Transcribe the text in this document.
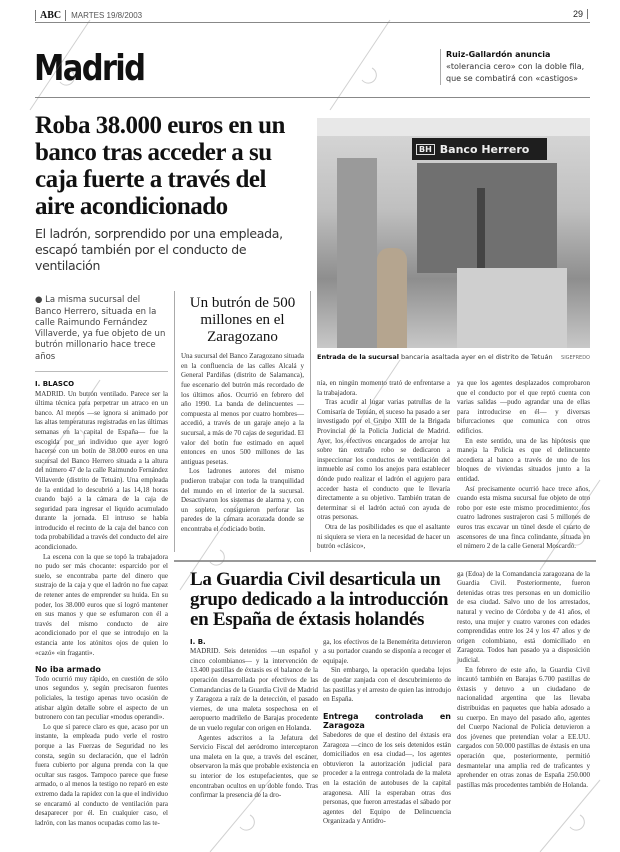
ABC	MARTES 19/8/2003	29
Madrid	Ruiz-Gallardón anuncia «tolerancia cero» con la doble fila, que se combatirá con «castigos»
Roba 38.000 euros en un banco tras acceder a su caja fuerte a través del aire acondicionado
El ladrón, sorprendido por una empleada, escapó también por el conducto de ventilación
● La misma sucursal del Banco Herrero, situada en la calle Raimundo Fernández Villaverde, ya fue objeto de un butrón millonario hace trece años
I. BLASCO

MADRID. Un butrón ventilado. Parece ser la última técnica para perpetrar un atraco en un banco. Al menos —se ignora si animado por las altas temperaturas registradas en las últimas semanas en la capital de España— fue la escogida por un individuo que ayer logró hacerse con un botín de 38.000 euros en una sucursal del Banco Herrero situada a la altura del número 47 de la calle Raimundo Fernández Villaverde (distrito de Tetuán). Una empleada de la entidad lo descubrió a las 14,18 horas cuando bajó a la cámara de la caja de seguridad para ingresar el líquido acumulado durante la jornada. El intruso se había introducido el recinto de la caja del banco con toda probabilidad a través del conducto del aire acondicionado.

La escena con la que se topó la trabajadora no pudo ser más chocante: esparcido por el suelo, se encontraba parte del dinero que sustrajo de la caja y que el ladrón no fue capaz de retener antes de emprender su huida. En su poder, los 38.000 euros que sí logró mantener en sus manos y que se esfumaron con él a través del mismo conducto de aire acondicionado por el que se introdujo en la estancia ante los atónitos ojos de quien lo «cazó» «in fraganti».

No iba armado

Todo ocurrió muy rápido, en cuestión de sólo unos segundos y, según precisaron fuentes policiales, la testigo apenas tuvo ocasión de atisbar algún detalle sobre el aspecto de un butronero con tan peculiar «modus operandi».

Lo que sí parece claro es que, acaso por un instante, la empleada pudo verle el rostro porque a las Fuerzas de Seguridad no les consta, según su declaración, que el ladrón fuera cubierto por alguna prenda con la que ocultar sus rasgos. Tampoco parece que fuese armado, o al menos la testigo no reparó en este extremo dada la rapidez con la que el individuo se encaramó al conducto de ventilación para desaparecer por él. En cualquier caso, el ladrón, con las manos ocupadas como las te-

Un butrón de 500 millones en el Zaragozano

Una sucursal del Banco Zaragozano situada en la confluencia de las calles Alcalá y General Pardiñas (distrito de Salamanca), fue escenario del butrón más recordado de los últimos años. Ocurrió en febrero del año 1990. La banda de delincuentes —compuesta al menos por cuatro hombres— accedió, a través de un garaje anejo a la sucursal, a más de 70 cajas de seguridad. El valor del botín fue estimado en aquel entonces en unos 500 millones de las antiguas pesetas.

Los ladrones autores del mismo pudieron trabajar con toda la tranquilidad del mundo en el interior de la sucursal. Desactivaron los sistemas de alarma y, con un soplete, consiguieron perforar las paredes de la cámara acorazada donde se encontraba el codiciado botín.

BH Banco Herrero
Entrada de la sucursal bancaria asaltada ayer en el distrito de Tetuán SIGEFREDO

nía, en ningún momento trató de enfrentarse a la trabajadora.

Tras acudir al lugar varias patrullas de la Comisaría de Tetuán, el suceso ha pasado a ser investigado por el Grupo XIII de la Brigada Provincial de la Policía Judicial de Madrid. Ayer, los efectivos encargados de arrojar luz sobre tan extraño robo se dedicaron a inspeccionar los conductos de ventilación del inmueble así como los anejos para establecer dónde pudo realizar el ladrón el agujero para acceder hasta el conducto que le llevaría directamente a su objetivo. También tratan de determinar si el ladrón actuó con ayuda de otras personas.

Otra de las posibilidades es que el asaltante ni siquiera se viera en la necesidad de hacer un butrón «clásico»,

ya que los agentes desplazados comprobaron que el conducto por el que reptó cuenta con varias salidas —pudo agrandar una de ellas para introducirse en él— y diversas bifurcaciones que comunica con otros edificios.

En este sentido, una de las hipótesis que maneja la Policía es que el delincuente accediera al banco a través de uno de los bloques de viviendas situados junto a la entidad.

Así precisamente ocurrió hace trece años, cuando esta misma sucursal fue objeto de otro robo por este este mismo procedimiento: los cuatro ladrones sustrajeron casi 5 millones de euros tras excavar un túnel desde el cuarto de ascensores de una finca colindante, situada en el número 2 de la calle General Moscardó.

La Guardia Civil desarticula un grupo dedicado a la introducción en España de éxtasis holandés
I. B.

MADRID. Seis detenidos —un español y cinco colombianos— y la intervención de 13.400 pastillas de éxtasis es el balance de la operación desarrollada por efectivos de las Comandancias de la Guardia Civil de Madrid y Zaragoza a raíz de la detección, el pasado viernes, de una maleta sospechosa en el aeropuerto madrileño de Barajas procedente de un vuelo regular con origen en Holanda.

Agentes adscritos a la Jefatura del Servicio Fiscal del aeródromo interceptaron una maleta en la que, a través del escáner, observaron la más que probable existencia en su interior de los estupefacientes, que se encontraban ocultos en un doble fondo. Tras confirmar la presencia de la dro-

ga, los efectivos de la Benemérita detuvieron a su portador cuando se disponía a recoger el equipaje.

Sin embargo, la operación quedaba lejos de quedar zanjada con el descubrimiento de las pastillas y el arresto de quien las introdujo en España.

Entrega controlada en Zaragoza

Sabedores de que el destino del éxtasis era Zaragoza —cinco de los seis detenidos están domiciliados en esa ciudad—, los agentes obtuvieron la autorización judicial para proceder a la entrega controlada de la maleta en la estación de autobuses de la capital aragonesa. Allí la esperaban otras dos personas, que fueron arrestadas el sábado por agentes del Equipo de Delincuencia Organizada y Antidro-

ga (Edoa) de la Comandancia zaragozana de la Guardia Civil. Posteriormente, fueron detenidas otras tres personas en un domicilio de esa ciudad. Salvo uno de los arrestados, natural y vecino de Córdoba y de 41 años, el resto, una mujer y cuatro varones con edades comprendidas entre los 24 y los 47 años y de origen colombiano, está domiciliado en Zaragoza. Todos han pasado ya a disposición judicial.

En febrero de este año, la Guardia Civil incautó también en Barajas 6.700 pastillas de éxtasis y detuvo a un ciudadano de nacionalidad argentina que las llevaba distribuidas en paquetes que había adosado a su cuerpo. En mayo del pasado año, agentes del Cuerpo Nacional de Policía detuvieron a dos jóvenes que pretendían volar a EE.UU. cargados con 50.000 pastillas de éxtasis en una operación que, posteriormente, permitió desmantelar una amplia red de traficantes y aprehender en otras zonas de España 250.000 pastillas más procedentes también de Holanda.
